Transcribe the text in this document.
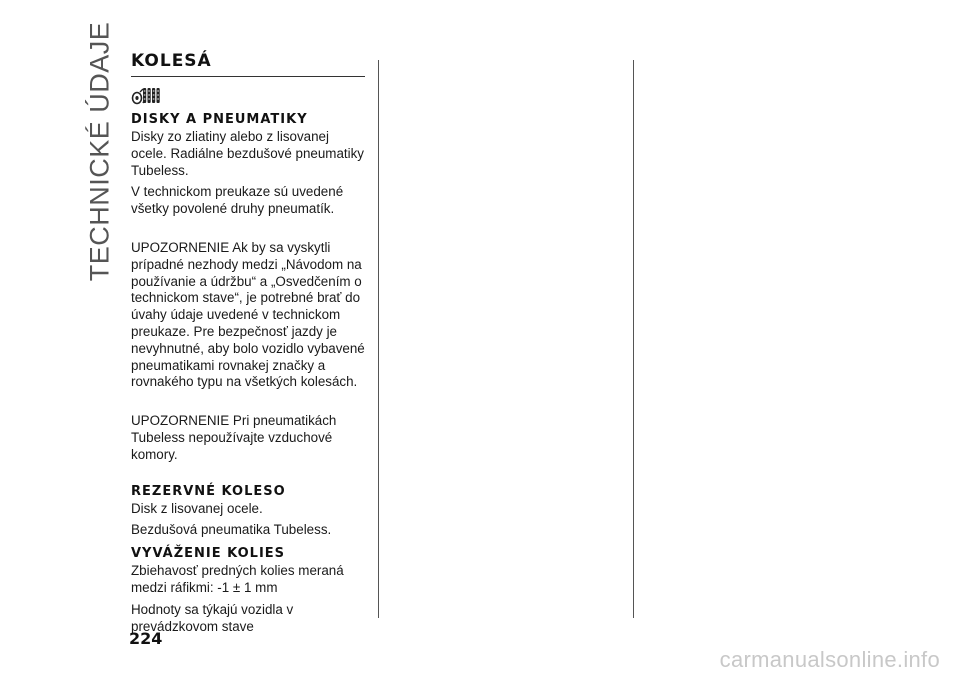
TECHNICKÉ ÚDAJE KOLESÁ
DISKY A PNEUMATIKY

Disky zo zliatiny alebo z lisovanej ocele. Radiálne bezdušové pneumatiky Tubeless.

V technickom preukaze sú uvedené všetky povolené druhy pneumatík.

UPOZORNENIE Ak by sa vyskytli prípadné nezhody medzi „Návodom na používanie a údržbu“ a „Osvedčením o technickom stave“, je potrebné brať do úvahy údaje uvedené v technickom preukaze. Pre bezpečnosť jazdy je nevyhnutné, aby bolo vozidlo vybavené pneumatikami rovnakej značky a rovnakého typu na všetkých kolesách.

UPOZORNENIE Pri pneumatikách Tubeless nepoužívajte vzduchové komory.

REZERVNÉ KOLESO

Disk z lisovanej ocele.

Bezdušová pneumatika Tubeless.

VYVÁŽENIE KOLIES

Zbiehavosť predných kolies meraná medzi ráfikmi: -1 ± 1 mm

Hodnoty sa týkajú vozidla v prevádzkovom stave

224

carmanualsonline.info
